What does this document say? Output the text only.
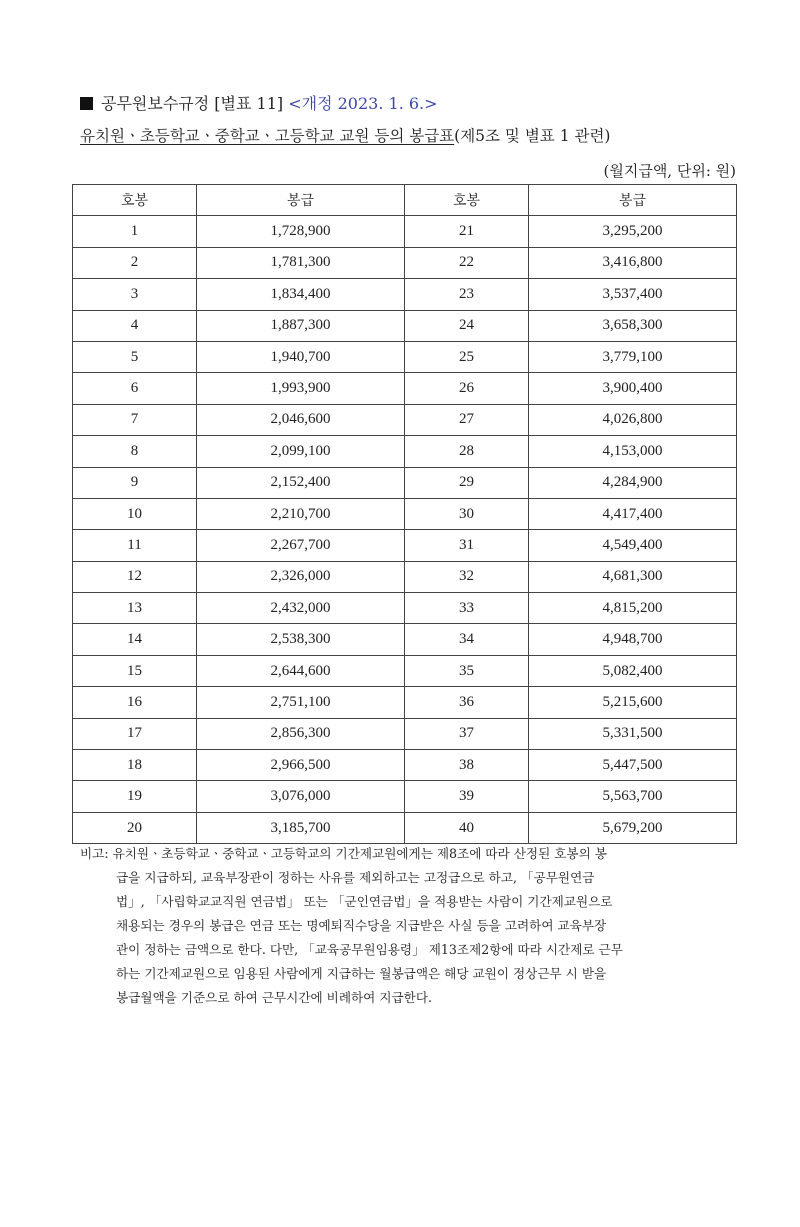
공무원보수규정 [별표 11] <개정 2023. 1. 6.>
유치원ㆍ초등학교ㆍ중학교ㆍ고등학교 교원 등의 봉급표(제5조 및 별표 1 관련)
(월지급액, 단위: 원)
호봉	봉급	호봉	봉급
1	1,728,900	21	3,295,200
2	1,781,300	22	3,416,800
3	1,834,400	23	3,537,400
4	1,887,300	24	3,658,300
5	1,940,700	25	3,779,100
6	1,993,900	26	3,900,400
7	2,046,600	27	4,026,800
8	2,099,100	28	4,153,000
9	2,152,400	29	4,284,900
10	2,210,700	30	4,417,400
11	2,267,700	31	4,549,400
12	2,326,000	32	4,681,300
13	2,432,000	33	4,815,200
14	2,538,300	34	4,948,700
15	2,644,600	35	5,082,400
16	2,751,100	36	5,215,600
17	2,856,300	37	5,331,500
18	2,966,500	38	5,447,500
19	3,076,000	39	5,563,700
20	3,185,700	40	5,679,200
비고: 유치원ㆍ초등학교ㆍ중학교ㆍ고등학교의 기간제교원에게는 제8조에 따라 산정된 호봉의 봉
급을 지급하되, 교육부장관이 정하는 사유를 제외하고는 고정급으로 하고, 「공무원연금
법」, 「사립학교교직원 연금법」 또는 「군인연금법」을 적용받는 사람이 기간제교원으로
채용되는 경우의 봉급은 연금 또는 명예퇴직수당을 지급받은 사실 등을 고려하여 교육부장
관이 정하는 금액으로 한다. 다만, 「교육공무원임용령」 제13조제2항에 따라 시간제로 근무
하는 기간제교원으로 임용된 사람에게 지급하는 월봉급액은 해당 교원이 정상근무 시 받을
봉급월액을 기준으로 하여 근무시간에 비례하여 지급한다.
